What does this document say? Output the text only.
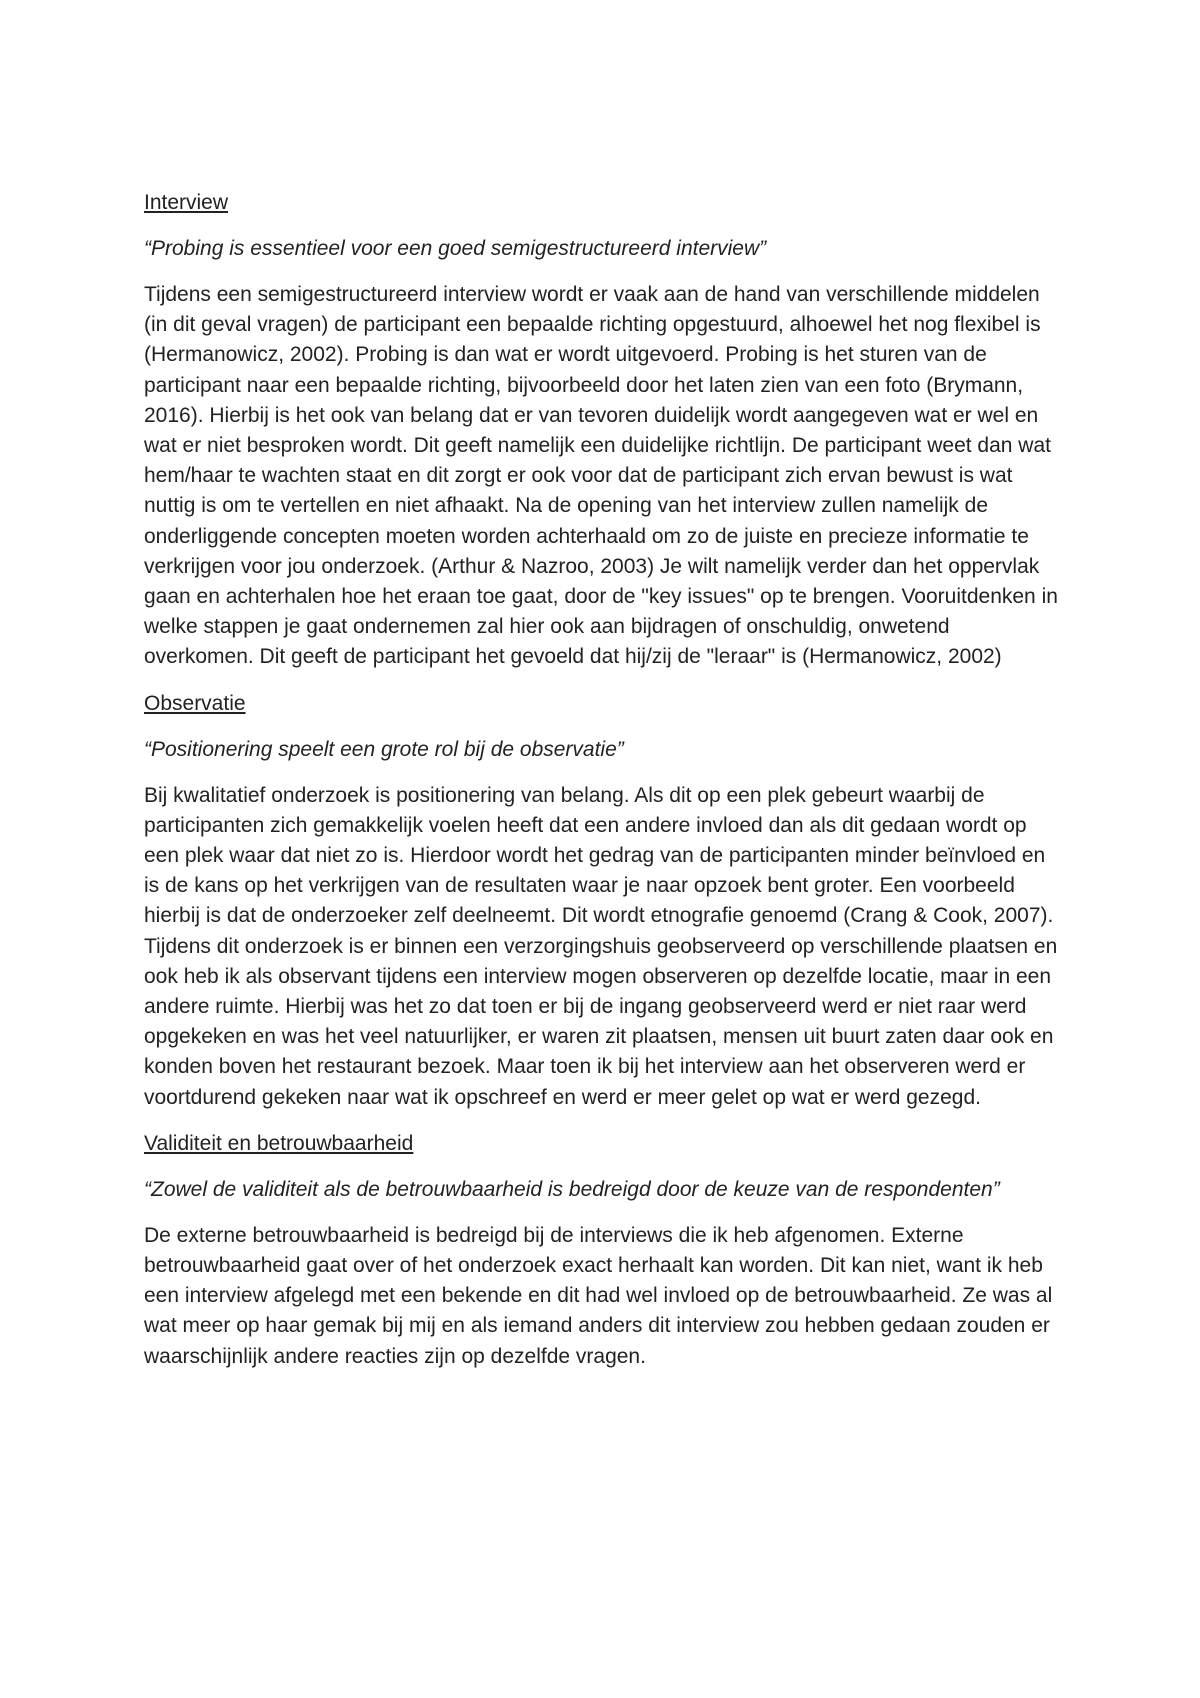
Interview

“Probing is essentieel voor een goed semigestructureerd interview”

Tijdens een semigestructureerd interview wordt er vaak aan de hand van verschillende middelen (in dit geval vragen) de participant een bepaalde richting opgestuurd, alhoewel het nog flexibel is (Hermanowicz, 2002). Probing is dan wat er wordt uitgevoerd. Probing is het sturen van de participant naar een bepaalde richting, bijvoorbeeld door het laten zien van een foto (Brymann, 2016). Hierbij is het ook van belang dat er van tevoren duidelijk wordt aangegeven wat er wel en wat er niet besproken wordt. Dit geeft namelijk een duidelijke richtlijn. De participant weet dan wat hem/haar te wachten staat en dit zorgt er ook voor dat de participant zich ervan bewust is wat nuttig is om te vertellen en niet afhaakt. Na de opening van het interview zullen namelijk de onderliggende concepten moeten worden achterhaald om zo de juiste en precieze informatie te verkrijgen voor jou onderzoek. (Arthur & Nazroo, 2003) Je wilt namelijk verder dan het oppervlak gaan en achterhalen hoe het eraan toe gaat, door de "key issues" op te brengen. Vooruitdenken in welke stappen je gaat ondernemen zal hier ook aan bijdragen of onschuldig, onwetend overkomen. Dit geeft de participant het gevoeld dat hij/zij de "leraar" is (Hermanowicz, 2002)

Observatie

“Positionering speelt een grote rol bij de observatie”

Bij kwalitatief onderzoek is positionering van belang. Als dit op een plek gebeurt waarbij de participanten zich gemakkelijk voelen heeft dat een andere invloed dan als dit gedaan wordt op een plek waar dat niet zo is. Hierdoor wordt het gedrag van de participanten minder beïnvloed en is de kans op het verkrijgen van de resultaten waar je naar opzoek bent groter. Een voorbeeld hierbij is dat de onderzoeker zelf deelneemt. Dit wordt etnografie genoemd (Crang & Cook, 2007). Tijdens dit onderzoek is er binnen een verzorgingshuis geobserveerd op verschillende plaatsen en ook heb ik als observant tijdens een interview mogen observeren op dezelfde locatie, maar in een andere ruimte. Hierbij was het zo dat toen er bij de ingang geobserveerd werd er niet raar werd opgekeken en was het veel natuurlijker, er waren zit plaatsen, mensen uit buurt zaten daar ook en konden boven het restaurant bezoek. Maar toen ik bij het interview aan het observeren werd er voortdurend gekeken naar wat ik opschreef en werd er meer gelet op wat er werd gezegd.

Validiteit en betrouwbaarheid

“Zowel de validiteit als de betrouwbaarheid is bedreigd door de keuze van de respondenten”

De externe betrouwbaarheid is bedreigd bij de interviews die ik heb afgenomen. Externe betrouwbaarheid gaat over of het onderzoek exact herhaalt kan worden. Dit kan niet, want ik heb een interview afgelegd met een bekende en dit had wel invloed op de betrouwbaarheid. Ze was al wat meer op haar gemak bij mij en als iemand anders dit interview zou hebben gedaan zouden er waarschijnlijk andere reacties zijn op dezelfde vragen.
